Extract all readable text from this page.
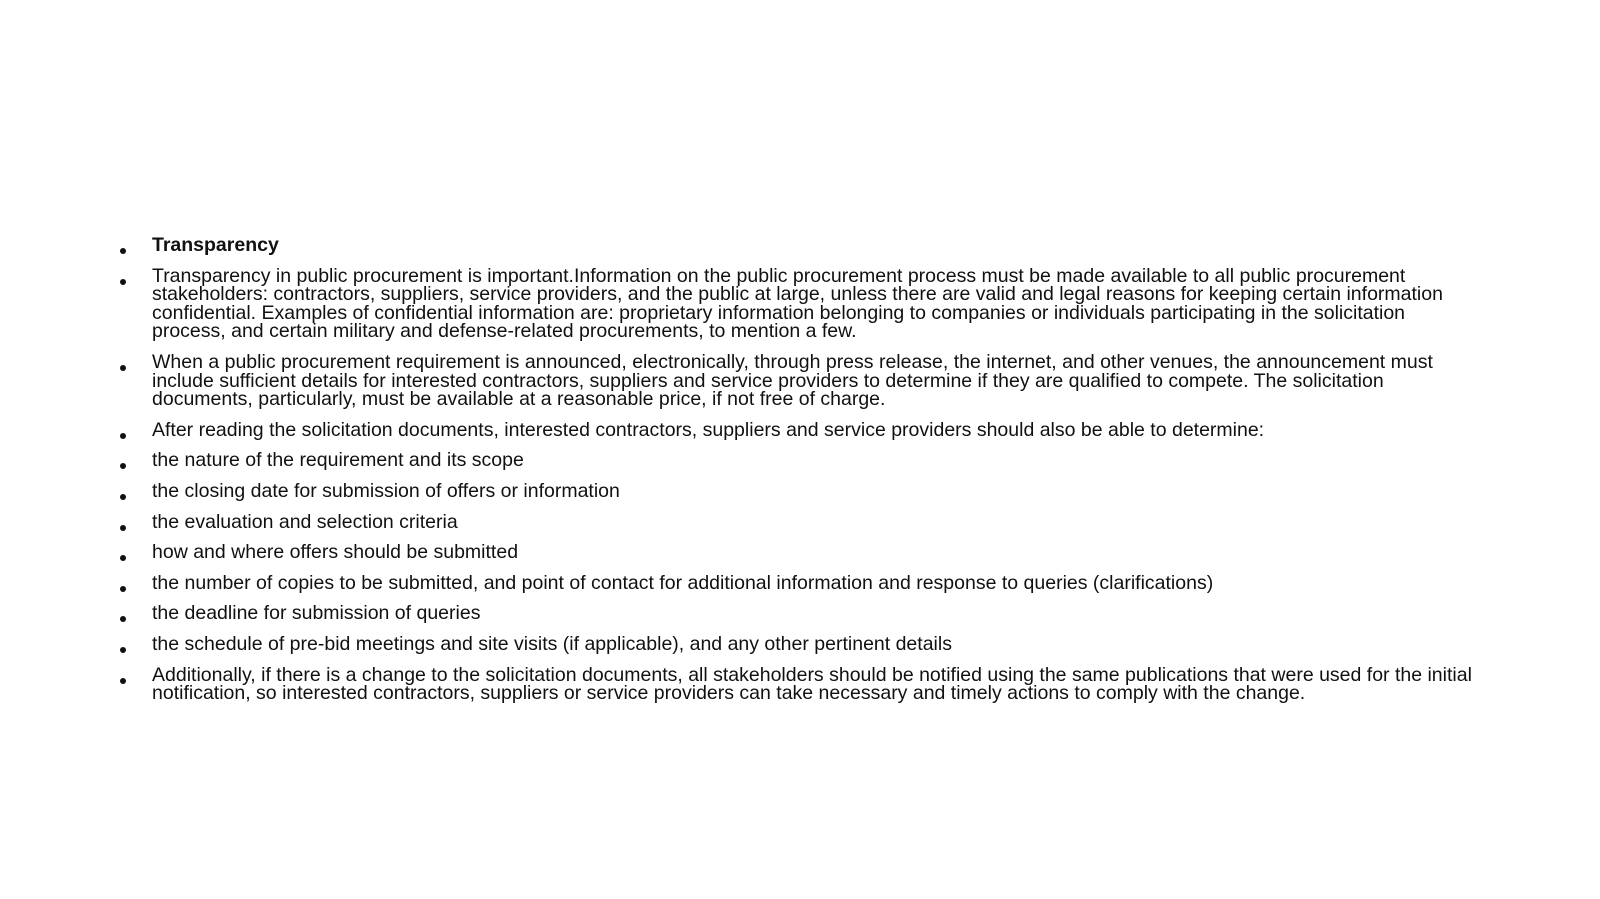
Transparency
Transparency in public procurement is important.Information on the public procurement process must be made available to all public procurement stakeholders: contractors, suppliers, service providers, and the public at large, unless there are valid and legal reasons for keeping certain information confidential. Examples of confidential information are: proprietary information belonging to companies or individuals participating in the solicitation process, and certain military and defense-related procurements, to mention a few.
When a public procurement requirement is announced, electronically, through press release, the internet, and other venues, the announcement must include sufficient details for interested contractors, suppliers and service providers to determine if they are qualified to compete. The solicitation documents, particularly, must be available at a reasonable price, if not free of charge.
After reading the solicitation documents, interested contractors, suppliers and service providers should also be able to determine:
the nature of the requirement and its scope
the closing date for submission of offers or information
the evaluation and selection criteria
how and where offers should be submitted
the number of copies to be submitted, and point of contact for additional information and response to queries (clarifications)
the deadline for submission of queries
the schedule of pre-bid meetings and site visits (if applicable), and any other pertinent details
Additionally, if there is a change to the solicitation documents, all stakeholders should be notified using the same publications that were used for the initial notification, so interested contractors, suppliers or service providers can take necessary and timely actions to comply with the change.
